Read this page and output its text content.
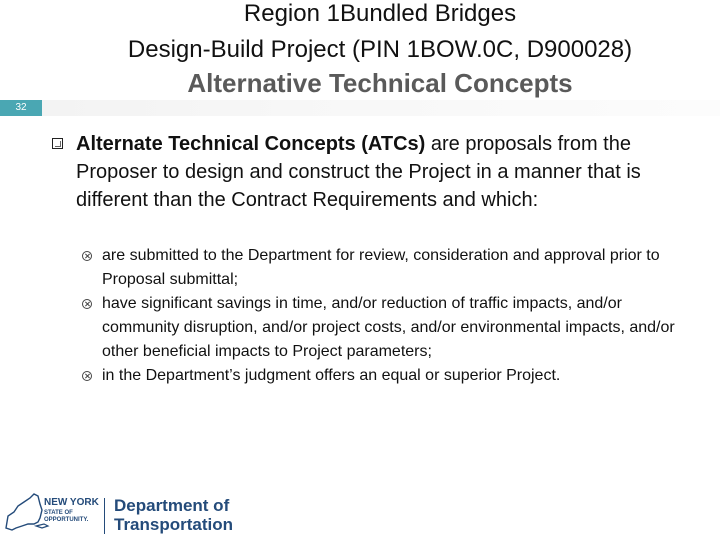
Region 1Bundled Bridges
Design-Build Project (PIN 1BOW.0C, D900028)
Alternative Technical Concepts
32
Alternate Technical Concepts (ATCs) are proposals from the Proposer to design and construct the Project in a manner that is different than the Contract Requirements and which:
are submitted to the Department for review, consideration and approval prior to Proposal submittal;
have significant savings in time, and/or reduction of traffic impacts, and/or community disruption, and/or project costs, and/or environmental impacts, and/or other beneficial impacts to Project parameters;
in the Department’s judgment offers an equal or superior Project.
NEW YORK
STATE OF
OPPORTUNITY.
Department of
Transportation
